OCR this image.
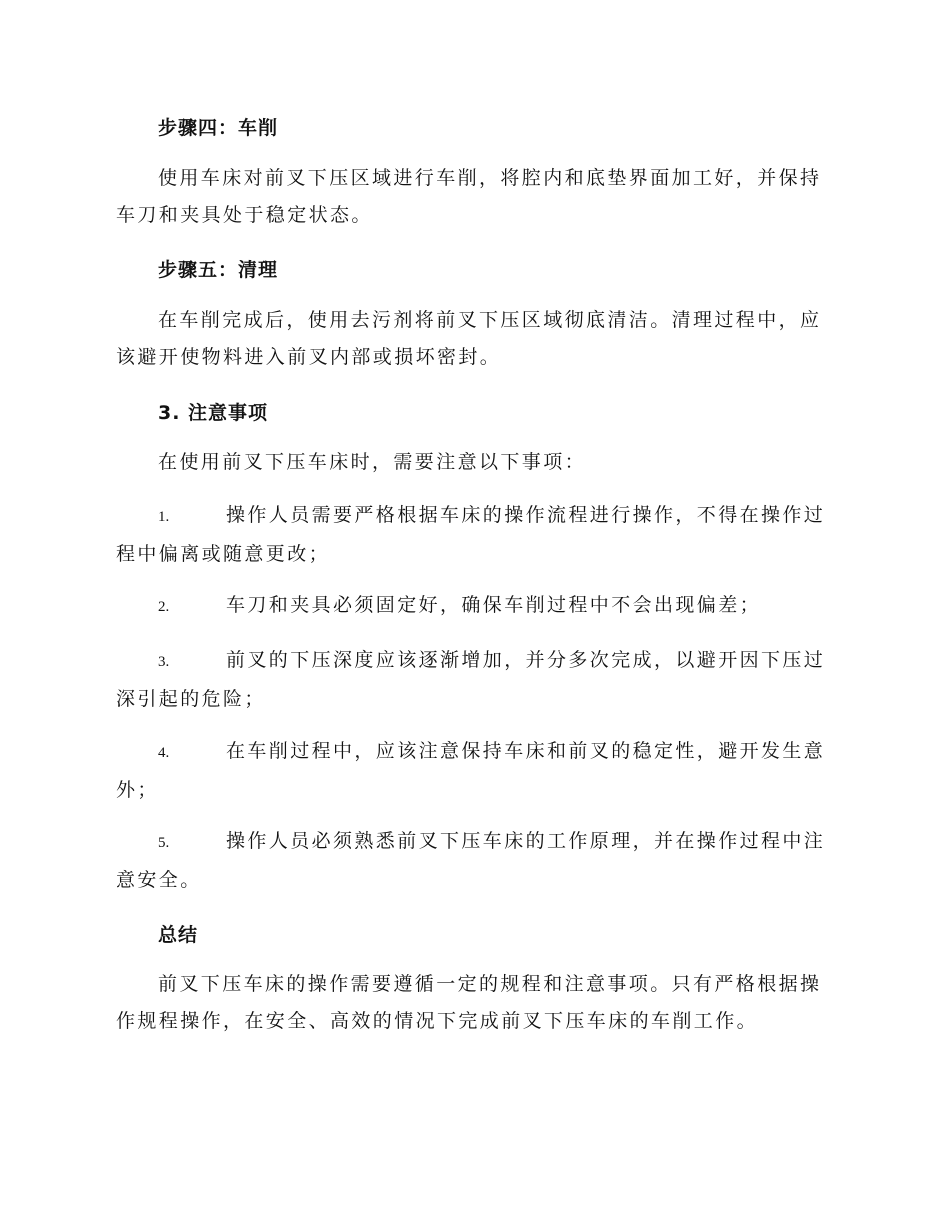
步骤四：车削

使用车床对前叉下压区域进行车削，将腔内和底垫界面加工好，并保持车刀和夹具处于稳定状态。

步骤五：清理

在车削完成后，使用去污剂将前叉下压区域彻底清洁。清理过程中，应该避开使物料进入前叉内部或损坏密封。

3. 注意事项

在使用前叉下压车床时，需要注意以下事项：

1.	操作人员需要严格根据车床的操作流程进行操作，不得在操作过程中偏离或随意更改；

2.	车刀和夹具必须固定好，确保车削过程中不会出现偏差；

3.	前叉的下压深度应该逐渐增加，并分多次完成，以避开因下压过深引起的危险；

4.	在车削过程中，应该注意保持车床和前叉的稳定性，避开发生意外；

5.	操作人员必须熟悉前叉下压车床的工作原理，并在操作过程中注意安全。

总结

前叉下压车床的操作需要遵循一定的规程和注意事项。只有严格根据操作规程操作，在安全、高效的情况下完成前叉下压车床的车削工作。
